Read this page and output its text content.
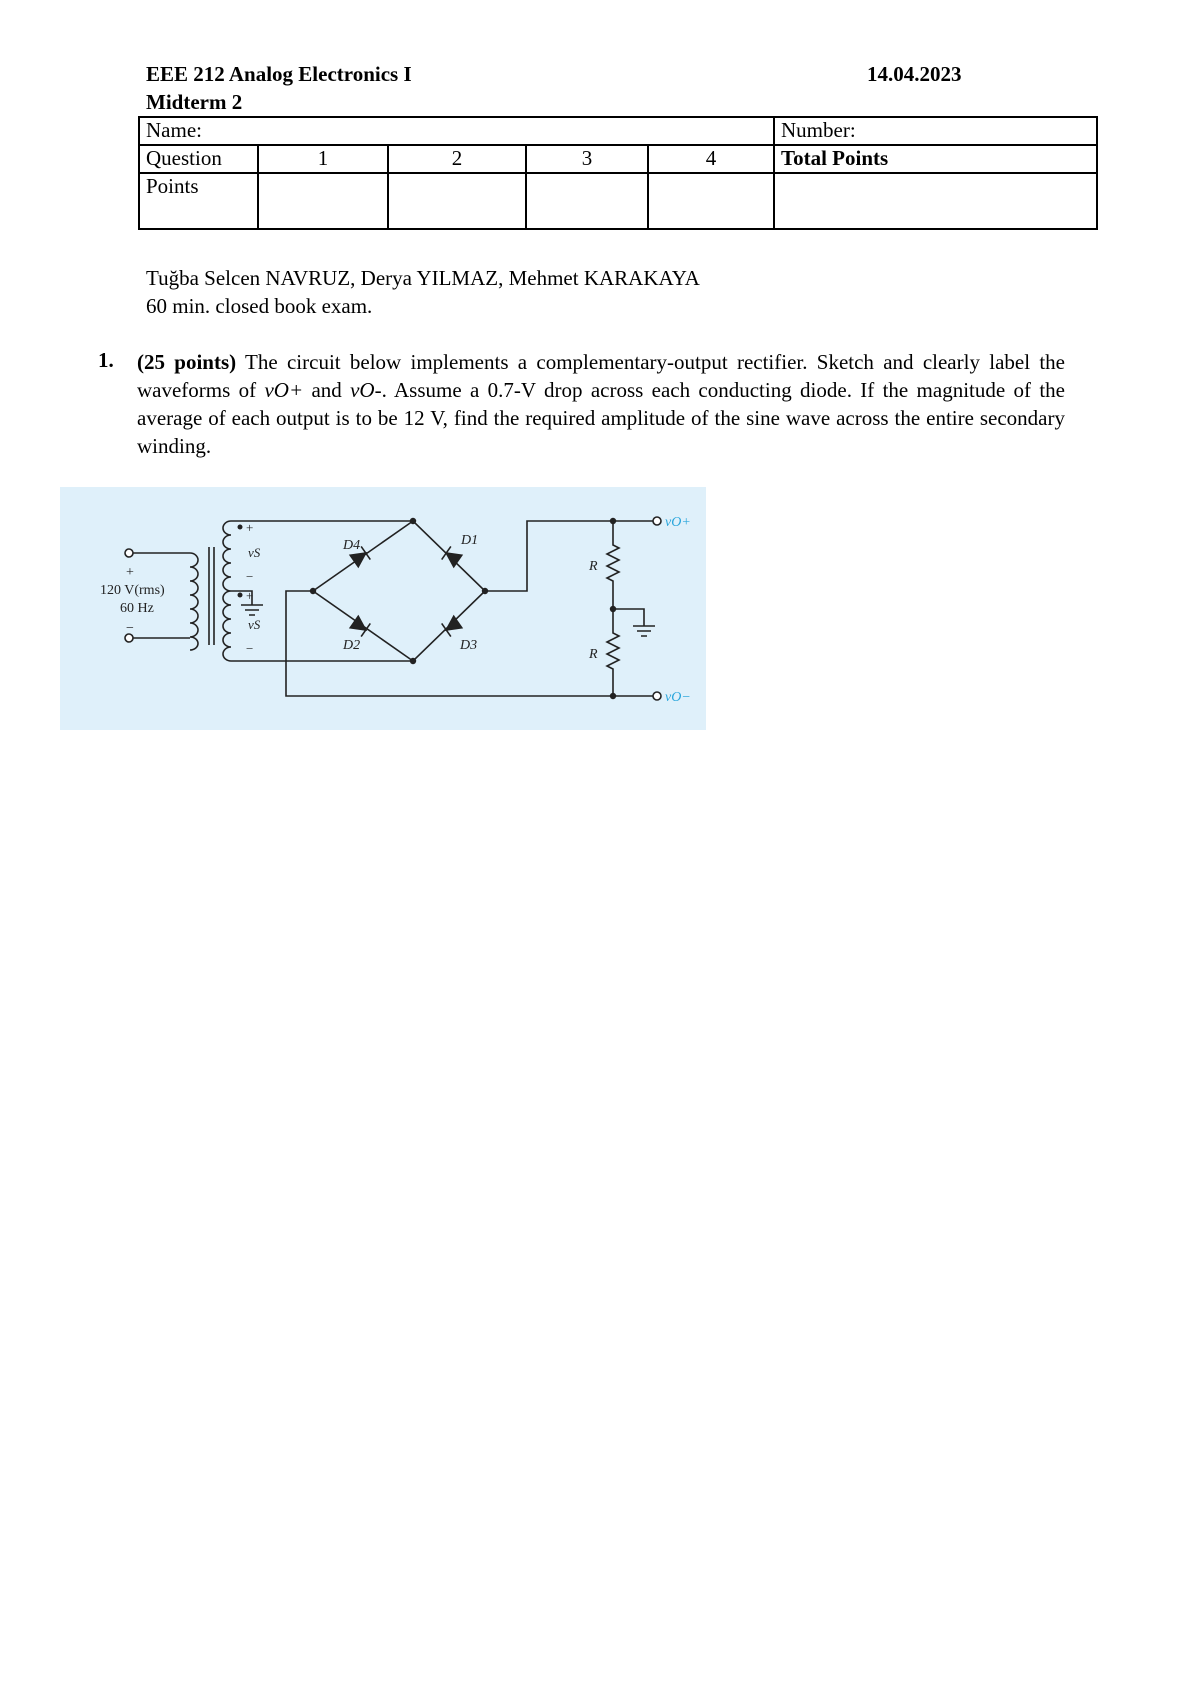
EEE 212 Analog Electronics I
Midterm 2
14.04.2023
Name:					Number:
Question	1	2	3	4	Total Points
Points					
Tuğba Selcen NAVRUZ, Derya YILMAZ, Mehmet KARAKAYA
60 min. closed book exam.
1. (25 points) The circuit below implements a complementary-output rectifier. Sketch and clearly label the waveforms of vO+ and vO-. Assume a 0.7-V drop across each conducting diode. If the magnitude of the average of each output is to be 12 V, find the required amplitude of the sine wave across the entire secondary winding.
+
−
120 V(rms)
60 Hz
+
−
+
−
vS
vS
D4	D1
D2	D3
R
R
vO+
vO−
